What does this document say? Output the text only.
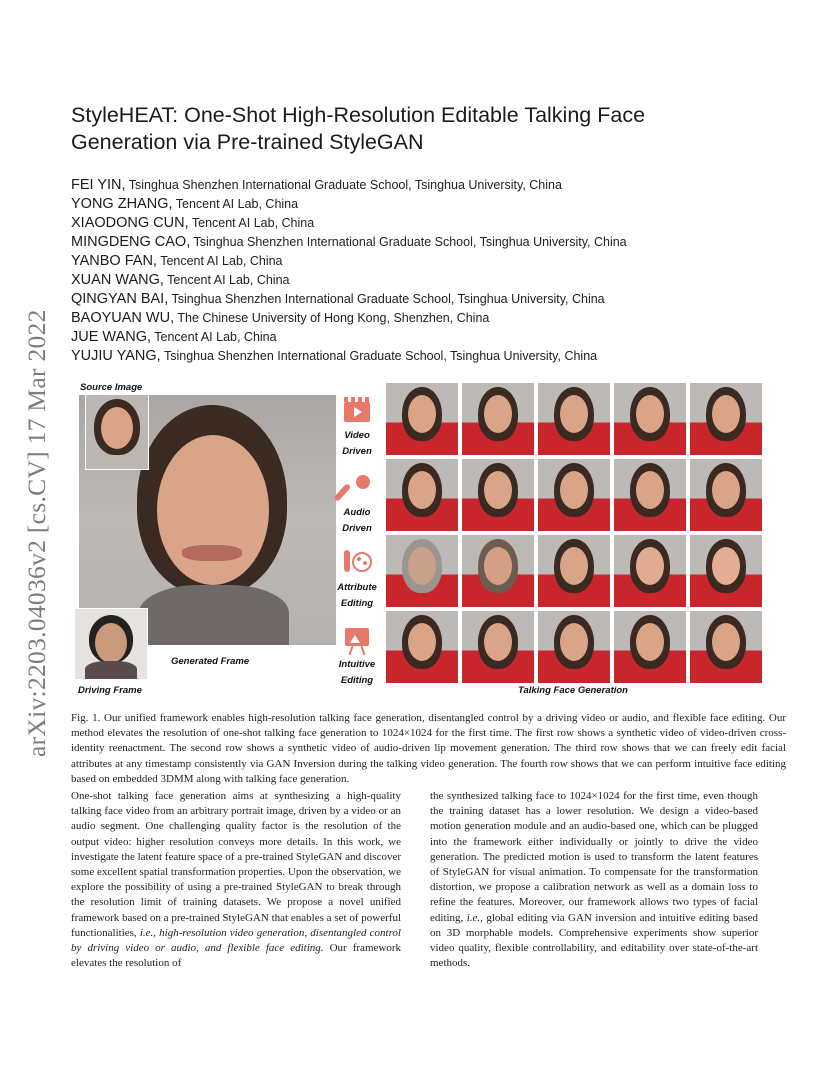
arXiv:2203.04036v2 [cs.CV] 17 Mar 2022
StyleHEAT: One-Shot High-Resolution Editable Talking Face
Generation via Pre-trained StyleGAN
FEI YIN, Tsinghua Shenzhen International Graduate School, Tsinghua University, China
YONG ZHANG, Tencent AI Lab, China
XIAODONG CUN, Tencent AI Lab, China
MINGDENG CAO, Tsinghua Shenzhen International Graduate School, Tsinghua University, China
YANBO FAN, Tencent AI Lab, China
XUAN WANG, Tencent AI Lab, China
QINGYAN BAI, Tsinghua Shenzhen International Graduate School, Tsinghua University, China
BAOYUAN WU, The Chinese University of Hong Kong, Shenzhen, China
JUE WANG, Tencent AI Lab, China
YUJIU YANG, Tsinghua Shenzhen International Graduate School, Tsinghua University, China
Source Image
Generated Frame
Driving Frame
Video
Driven
Audio
Driven
Attribute
Editing
Intuitive
Editing
Talking Face Generation

Fig. 1. Our unified framework enables high-resolution talking face generation, disentangled control by a driving video or audio, and flexible face editing. Our method elevates the resolution of one-shot talking face generation to 1024×1024 for the first time. The first row shows a synthetic video of video-driven cross-identity reenactment. The second row shows a synthetic video of audio-driven lip movement generation. The third row shows that we can freely edit facial attributes at any timestamp consistently via GAN Inversion during the talking video generation. The fourth row shows that we can perform intuitive face editing based on embedded 3DMM along with talking face generation.

One-shot talking face generation aims at synthesizing a high-quality talking face video from an arbitrary portrait image, driven by a video or an audio segment. One challenging quality factor is the resolution of the output video: higher resolution conveys more details. In this work, we investigate the latent feature space of a pre-trained StyleGAN and discover some excellent spatial transformation properties. Upon the observation, we explore the possibility of using a pre-trained StyleGAN to break through the resolution limit of training datasets. We propose a novel unified framework based on a pre-trained StyleGAN that enables a set of powerful functionalities, i.e., high-resolution video generation, disentangled control by driving video or audio, and flexible face editing. Our framework elevates the resolution of

the synthesized talking face to 1024×1024 for the first time, even though the training dataset has a lower resolution. We design a video-based motion generation module and an audio-based one, which can be plugged into the framework either individually or jointly to drive the video generation. The predicted motion is used to transform the latent features of StyleGAN for visual animation. To compensate for the transformation distortion, we propose a calibration network as well as a domain loss to refine the features. Moreover, our framework allows two types of facial editing, i.e., global editing via GAN inversion and intuitive editing based on 3D morphable models. Comprehensive experiments show superior video quality, flexible controllability, and editability over state-of-the-art methods.
